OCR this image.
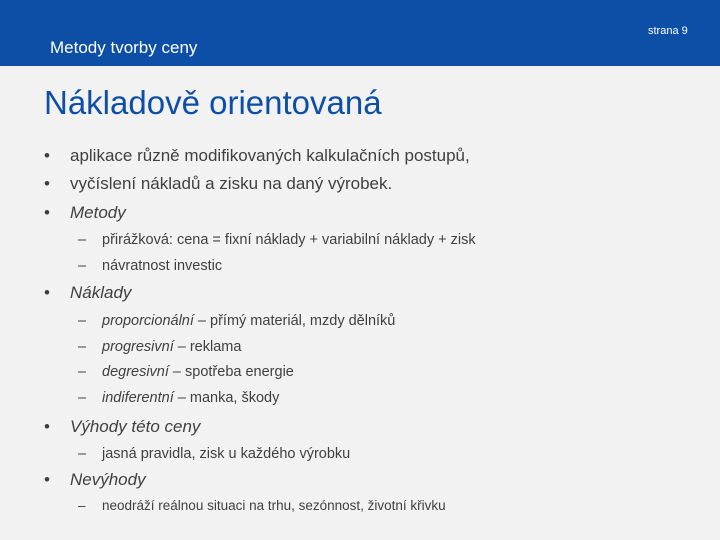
Metody tvorby ceny
strana 9
Nákladově orientovaná
• aplikace různě modifikovaných kalkulačních postupů,
• vyčíslení nákladů a zisku na daný výrobek.
• Metody
– přirážková: cena = fixní náklady + variabilní náklady + zisk
– návratnost investic
• Náklady
– proporcionální – přímý materiál, mzdy dělníků
– progresivní – reklama
– degresivní – spotřeba energie
– indiferentní – manka, škody
• Výhody této ceny
– jasná pravidla, zisk u každého výrobku
• Nevýhody
– neodráží reálnou situaci na trhu, sezónnost, životní křivku
